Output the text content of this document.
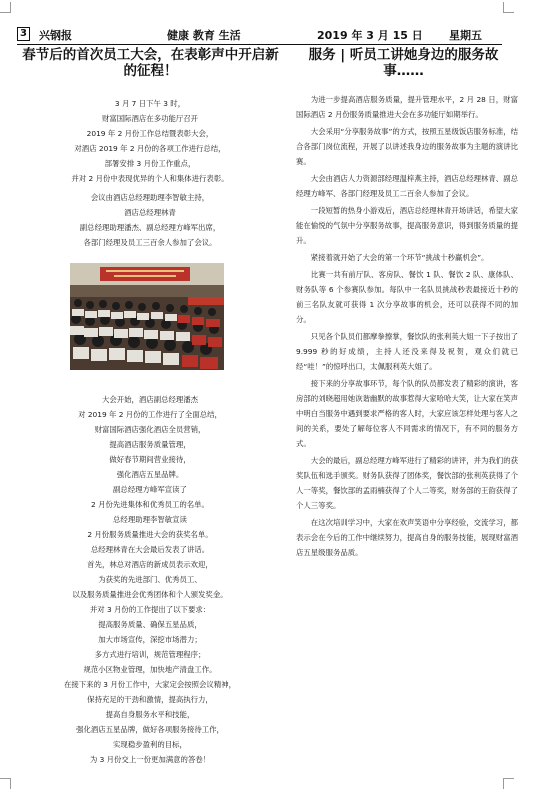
3 兴钢报	健康 教育 生活	2019 年 3 月 15 日 星期五
春节后的首次员工大会，在表彰声中开启新的征程！
服务 | 听员工讲她身边的服务故事……

3 月 7 日下午 3 时，

财富国际酒店在多功能厅召开

2019 年 2 月份工作总结暨表彰大会，

对酒店 2019 年 2 月份的各项工作进行总结，

部署安排 3 月份工作重点，

并对 2 月份中表现优异的个人和集体进行表彰。

会议由酒店总经理助理李智敏主持，

酒店总经理林青

副总经理助理潘杰、副总经理方峰军出席，

各部门经理及员工三百余人参加了会议。

大会开始，酒店副总经理潘杰

对 2019 年 2 月份的工作进行了全面总结，

财富国际酒店强化酒店全员营销，

提高酒店服务质量管理，

做好春节期间营业接待，

强化酒店五星品牌。

副总经理方峰军宣读了

2 月份先进集体和优秀员工的名单。

总经理助理李智敏宣读

2 月份服务质量推进大会的获奖名单。

总经理林青在大会最后发表了讲话。

首先，林总对酒店的新成员表示欢迎，

为获奖的先进部门、优秀员工、

以及服务质量推进会优秀团体和个人颁发奖金。

并对 3 月份的工作提出了以下要求：

提高服务质量、确保五星品质，

加大市场宣传，深挖市场潜力；

多方式进行培训，规范管理程序；

规范小区物业管理，加快地产清盘工作。

在接下来的 3 月份工作中，大家定会按照会议精神，

保持充足的干劲和激情，提高执行力，

提高自身服务水平和技能，

强化酒店五星品牌，做好各项服务接待工作，

实现稳步盈利的目标，

为 3 月份交上一份更加满意的答卷！

为进一步提高酒店服务质量，提升管理水平，2 月 28 日，财富国际酒店 2 月份服务质量推进大会在多功能厅如期举行。

大会采用“分享服务故事”的方式，按照五星级饭店服务标准，结合各部门岗位流程，开展了以讲述我身边的服务故事为主题的演讲比赛。

大会由酒店人力资源部经理温梓燕主持，酒店总经理林青、副总经理方峰军、各部门经理及员工二百余人参加了会议。

一段短暂的热身小游戏后，酒店总经理林青开场讲话，希望大家能在愉悦的气氛中分享服务故事，提高服务意识，得到服务质量的提升。

紧接着就开始了大会的第一个环节“挑战十秒赢机会”。

比赛一共有前厅队、客房队、餐饮 1 队、餐饮 2 队、康体队、财务队等 6 个参赛队参加。每队中一名队员挑战秒表最接近十秒的前三名队友就可获得 1 次分享故事的机会，还可以获得不同的加分。

只见各个队员们都摩拳擦掌，餐饮队的张利英大姐一下子按出了 9.999 秒的好成绩，主持人还没来得及祝贺，观众们就已经“哇！”的惊呼出口，太佩服利英大姐了。

接下来的分享故事环节，每个队的队员都发表了精彩的演讲，客房部的刘晓超用她诙谐幽默的故事惹得大家哈哈大笑，让大家在笑声中明白当服务中遇到要求严格的客人时，大家应该怎样处理与客人之间的关系，要处了解每位客人不同需求的情况下，有不同的服务方式。

大会的最后，副总经理方峰军进行了精彩的讲评，并为我们的获奖队伍和选手颁奖。财务队获得了团体奖，餐饮部的张利英获得了个人一等奖，餐饮部的孟雨楠获得了个人二等奖，财务部的王韵获得了个人三等奖。

在这次培训学习中，大家在欢声笑语中分享经验，交流学习，都表示会在今后的工作中继续努力，提高自身的服务技能，展现财富酒店五星级服务品质。
